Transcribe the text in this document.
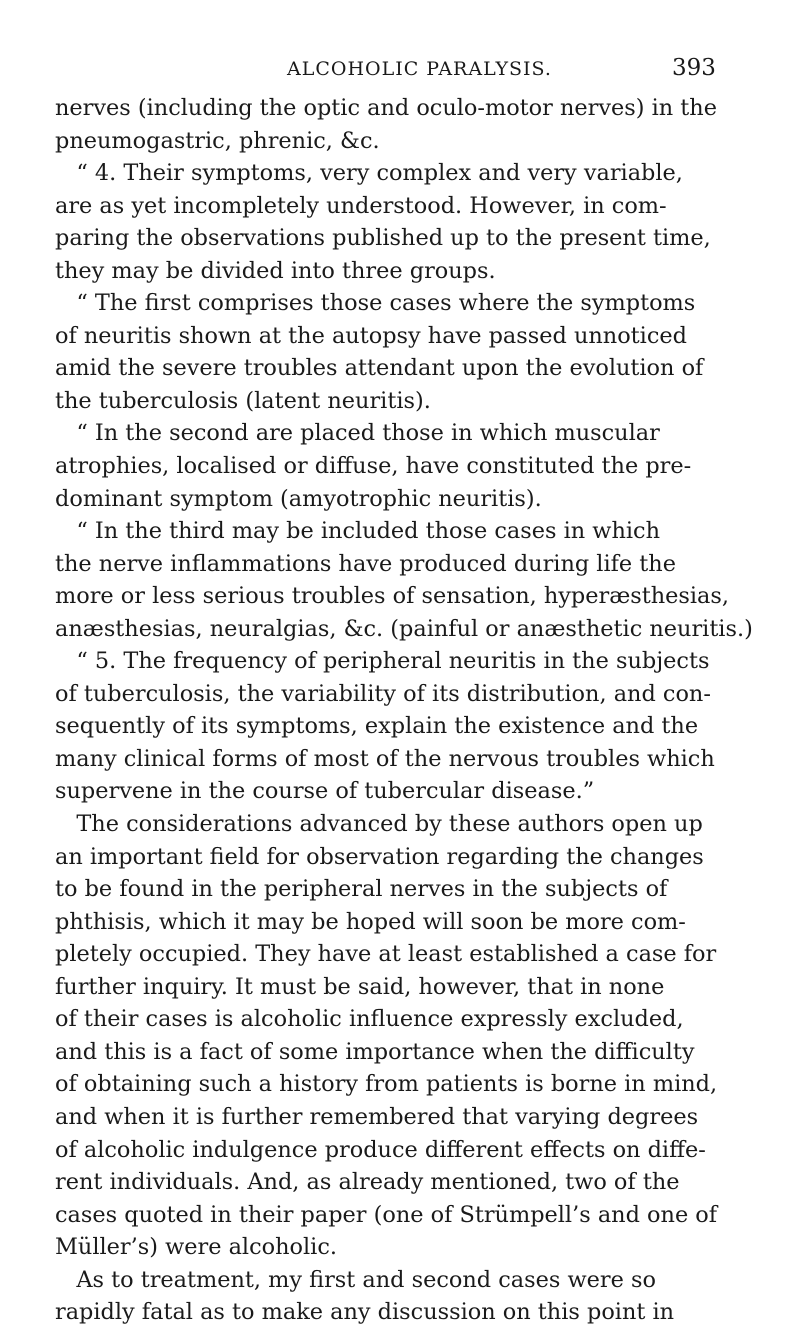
ALCOHOLIC PARALYSIS.	393
nerves (including the optic and oculo-motor nerves) in the
pneumogastric, phrenic, &c.
“ 4. Their symptoms, very complex and very variable,
are as yet incompletely understood. However, in com-
paring the observations published up to the present time,
they may be divided into three groups.
“ The first comprises those cases where the symptoms
of neuritis shown at the autopsy have passed unnoticed
amid the severe troubles attendant upon the evolution of
the tuberculosis (latent neuritis).
“ In the second are placed those in which muscular
atrophies, localised or diffuse, have constituted the pre-
dominant symptom (amyotrophic neuritis).
“ In the third may be included those cases in which
the nerve inflammations have produced during life the
more or less serious troubles of sensation, hyperæsthesias,
anæsthesias, neuralgias, &c. (painful or anæsthetic neuritis.)
“ 5. The frequency of peripheral neuritis in the subjects
of tuberculosis, the variability of its distribution, and con-
sequently of its symptoms, explain the existence and the
many clinical forms of most of the nervous troubles which
supervene in the course of tubercular disease.”
The considerations advanced by these authors open up
an important field for observation regarding the changes
to be found in the peripheral nerves in the subjects of
phthisis, which it may be hoped will soon be more com-
pletely occupied. They have at least established a case for
further inquiry. It must be said, however, that in none
of their cases is alcoholic influence expressly excluded,
and this is a fact of some importance when the difficulty
of obtaining such a history from patients is borne in mind,
and when it is further remembered that varying degrees
of alcoholic indulgence produce different effects on diffe-
rent individuals. And, as already mentioned, two of the
cases quoted in their paper (one of Strümpell’s and one of
Müller’s) were alcoholic.
As to treatment, my first and second cases were so
rapidly fatal as to make any discussion on this point in
